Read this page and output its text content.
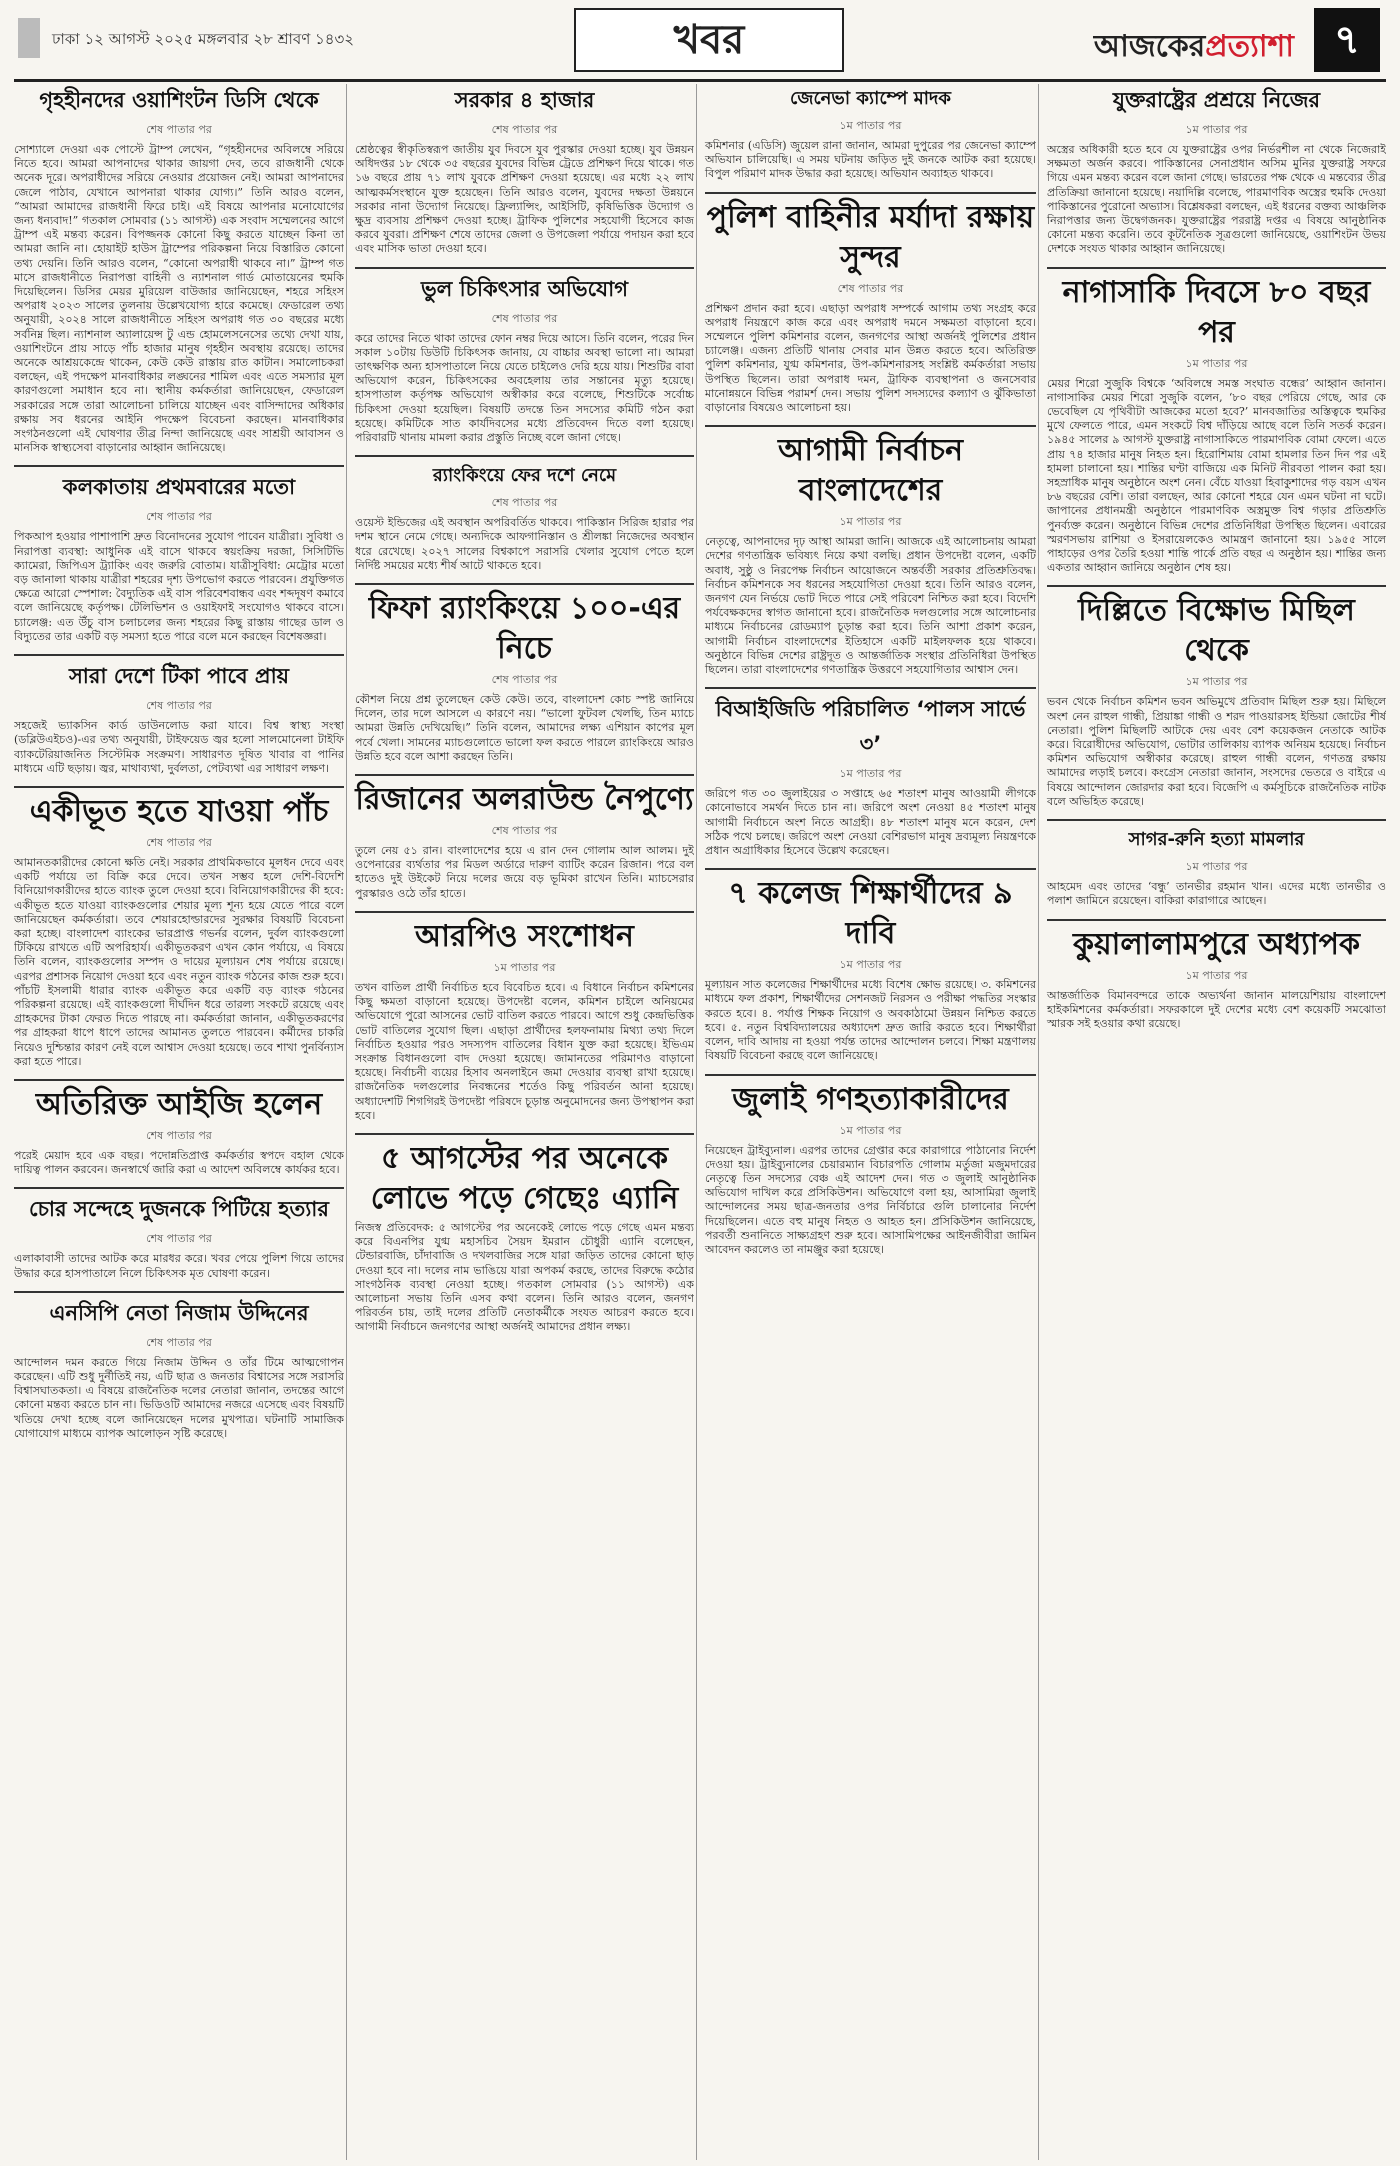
ঢাকা ১২ আগস্ট ২০২৫ মঙ্গলবার ২৮ শ্রাবণ ১৪৩২	খবর	আজকেরপ্রত্যাশা ৭
গৃহহীনদের ওয়াশিংটন ডিসি থেকে
শেষ পাতার পর

সোশ্যালে দেওয়া এক পোস্টে ট্রাম্প লেখেন, “গৃহহীনদের অবিলম্বে সরিয়ে নিতে হবে। আমরা আপনাদের থাকার জায়গা দেব, তবে রাজধানী থেকে অনেক দূরে। অপরাধীদের সরিয়ে নেওয়ার প্রয়োজন নেই। আমরা আপনাদের জেলে পাঠাব, যেখানে আপনারা থাকার যোগ্য।” তিনি আরও বলেন, “আমরা আমাদের রাজধানী ফিরে চাই। এই বিষয়ে আপনার মনোযোগের জন্য ধন্যবাদ!” গতকাল সোমবার (১১ আগস্ট) এক সংবাদ সম্মেলনের আগে ট্রাম্প এই মন্তব্য করেন। বিপজ্জনক কোনো কিছু করতে যাচ্ছেন কিনা তা আমরা জানি না। হোয়াইট হাউস ট্রাম্পের পরিকল্পনা নিয়ে বিস্তারিত কোনো তথ্য দেয়নি। তিনি আরও বলেন, “কোনো অপরাধী থাকবে না।” ট্রাম্প গত মাসে রাজধানীতে নিরাপত্তা বাহিনী ও ন্যাশনাল গার্ড মোতায়েনের হুমকি দিয়েছিলেন। ডিসির মেয়র মুরিয়েল বাউজার জানিয়েছেন, শহরে সহিংস অপরাধ ২০২৩ সালের তুলনায় উল্লেখযোগ্য হারে কমেছে। ফেডারেল তথ্য অনুযায়ী, ২০২৪ সালে রাজধানীতে সহিংস অপরাধ গত ৩০ বছরের মধ্যে সর্বনিম্ন ছিল। ন্যাশনাল অ্যালায়েন্স টু এন্ড হোমলেসনেসের তথ্যে দেখা যায়, ওয়াশিংটনে প্রায় সাড়ে পাঁচ হাজার মানুষ গৃহহীন অবস্থায় রয়েছে। তাদের অনেকে আশ্রয়কেন্দ্রে থাকেন, কেউ কেউ রাস্তায় রাত কাটান। সমালোচকরা বলছেন, এই পদক্ষেপ মানবাধিকার লঙ্ঘনের শামিল এবং এতে সমস্যার মূল কারণগুলো সমাধান হবে না। স্থানীয় কর্মকর্তারা জানিয়েছেন, ফেডারেল সরকারের সঙ্গে তারা আলোচনা চালিয়ে যাচ্ছেন এবং বাসিন্দাদের অধিকার রক্ষায় সব ধরনের আইনি পদক্ষেপ বিবেচনা করছেন। মানবাধিকার সংগঠনগুলো এই ঘোষণার তীব্র নিন্দা জানিয়েছে এবং সাশ্রয়ী আবাসন ও মানসিক স্বাস্থ্যসেবা বাড়ানোর আহ্বান জানিয়েছে।

কলকাতায় প্রথমবারের মতো
শেষ পাতার পর

পিকআপ হওয়ার পাশাপাশি দ্রুত বিনোদনের সুযোগ পাবেন যাত্রীরা। সুবিধা ও নিরাপত্তা ব্যবস্থা: আধুনিক এই বাসে থাকবে স্বয়ংক্রিয় দরজা, সিসিটিভি ক্যামেরা, জিপিএস ট্র্যাকিং এবং জরুরি বোতাম। যাত্রীসুবিধা: মেট্রোর মতো বড় জানালা থাকায় যাত্রীরা শহরের দৃশ্য উপভোগ করতে পারবেন। প্রযুক্তিগত ক্ষেত্রে আরো স্পেশাল: বৈদ্যুতিক এই বাস পরিবেশবান্ধব এবং শব্দদূষণ কমাবে বলে জানিয়েছে কর্তৃপক্ষ। টেলিভিশন ও ওয়াইফাই সংযোগও থাকবে বাসে। চ্যালেঞ্জ: এত উঁচু বাস চলাচলের জন্য শহরের কিছু রাস্তায় গাছের ডাল ও বিদ্যুতের তার একটি বড় সমস্যা হতে পারে বলে মনে করছেন বিশেষজ্ঞরা।

সারা দেশে টিকা পাবে প্রায়
শেষ পাতার পর

সহজেই ভ্যাকসিন কার্ড ডাউনলোড করা যাবে। বিশ্ব স্বাস্থ্য সংস্থা (ডব্লিউএইচও)-এর তথ্য অনুযায়ী, টাইফয়েড জ্বর হলো সালমোনেলা টাইফি ব্যাকটেরিয়াজনিত সিস্টেমিক সংক্রমণ। সাধারণত দূষিত খাবার বা পানির মাধ্যমে এটি ছড়ায়। জ্বর, মাথাব্যথা, দুর্বলতা, পেটব্যথা এর সাধারণ লক্ষণ।

একীভূত হতে যাওয়া পাঁচ
শেষ পাতার পর

আমানতকারীদের কোনো ক্ষতি নেই। সরকার প্রাথমিকভাবে মূলধন দেবে এবং একটি পর্যায়ে তা বিক্রি করে দেবে। তখন সম্ভব হলে দেশি-বিদেশি বিনিয়োগকারীদের হাতে ব্যাংক তুলে দেওয়া হবে। বিনিয়োগকারীদের কী হবে: একীভূত হতে যাওয়া ব্যাংকগুলোর শেয়ার মূল্য শূন্য হয়ে যেতে পারে বলে জানিয়েছেন কর্মকর্তারা। তবে শেয়ারহোল্ডারদের সুরক্ষার বিষয়টি বিবেচনা করা হচ্ছে। বাংলাদেশ ব্যাংকের ভারপ্রাপ্ত গভর্নর বলেন, দুর্বল ব্যাংকগুলো টিকিয়ে রাখতে এটি অপরিহার্য। একীভূতকরণ এখন কোন পর্যায়ে, এ বিষয়ে তিনি বলেন, ব্যাংকগুলোর সম্পদ ও দায়ের মূল্যায়ন শেষ পর্যায়ে রয়েছে। এরপর প্রশাসক নিয়োগ দেওয়া হবে এবং নতুন ব্যাংক গঠনের কাজ শুরু হবে। পাঁচটি ইসলামী ধারার ব্যাংক একীভূত করে একটি বড় ব্যাংক গঠনের পরিকল্পনা রয়েছে। এই ব্যাংকগুলো দীর্ঘদিন ধরে তারল্য সংকটে রয়েছে এবং গ্রাহকদের টাকা ফেরত দিতে পারছে না। কর্মকর্তারা জানান, একীভূতকরণের পর গ্রাহকরা ধাপে ধাপে তাদের আমানত তুলতে পারবেন। কর্মীদের চাকরি নিয়েও দুশ্চিন্তার কারণ নেই বলে আশ্বাস দেওয়া হয়েছে। তবে শাখা পুনর্বিন্যাস করা হতে পারে।

অতিরিক্ত আইজি হলেন
শেষ পাতার পর

পরেই মেয়াদ হবে এক বছর। পদোন্নতিপ্রাপ্ত কর্মকর্তার স্বপদে বহাল থেকে দায়িত্ব পালন করবেন। জনস্বার্থে জারি করা এ আদেশ অবিলম্বে কার্যকর হবে।

চোর সন্দেহে দুজনকে পিটিয়ে হত্যার
শেষ পাতার পর

এলাকাবাসী তাদের আটক করে মারধর করে। খবর পেয়ে পুলিশ গিয়ে তাদের উদ্ধার করে হাসপাতালে নিলে চিকিৎসক মৃত ঘোষণা করেন।

এনসিপি নেতা নিজাম উদ্দিনের
শেষ পাতার পর

আন্দোলন দমন করতে গিয়ে নিজাম উদ্দিন ও তাঁর টিমে আত্মগোপন করেছেন। এটি শুধু দুর্নীতিই নয়, এটি ছাত্র ও জনতার বিশ্বাসের সঙ্গে সরাসরি বিশ্বাসঘাতকতা। এ বিষয়ে রাজনৈতিক দলের নেতারা জানান, তদন্তের আগে কোনো মন্তব্য করতে চান না। ভিডিওটি আমাদের নজরে এসেছে এবং বিষয়টি খতিয়ে দেখা হচ্ছে বলে জানিয়েছেন দলের মুখপাত্র। ঘটনাটি সামাজিক যোগাযোগ মাধ্যমে ব্যাপক আলোড়ন সৃষ্টি করেছে।

সরকার ৪ হাজার
শেষ পাতার পর

শ্রেষ্ঠত্বের স্বীকৃতিস্বরূপ জাতীয় যুব দিবসে যুব পুরস্কার দেওয়া হচ্ছে। যুব উন্নয়ন অধিদপ্তর ১৮ থেকে ৩৫ বছরের যুবদের বিভিন্ন ট্রেডে প্রশিক্ষণ দিয়ে থাকে। গত ১৬ বছরে প্রায় ৭১ লাখ যুবকে প্রশিক্ষণ দেওয়া হয়েছে। এর মধ্যে ২২ লাখ আত্মকর্মসংস্থানে যুক্ত হয়েছেন। তিনি আরও বলেন, যুবদের দক্ষতা উন্নয়নে সরকার নানা উদ্যোগ নিয়েছে। ফ্রিল্যান্সিং, আইসিটি, কৃষিভিত্তিক উদ্যোগ ও ক্ষুদ্র ব্যবসায় প্রশিক্ষণ দেওয়া হচ্ছে। ট্রাফিক পুলিশের সহযোগী হিসেবে কাজ করবে যুবরা। প্রশিক্ষণ শেষে তাদের জেলা ও উপজেলা পর্যায়ে পদায়ন করা হবে এবং মাসিক ভাতা দেওয়া হবে।

ভুল চিকিৎসার অভিযোগ
শেষ পাতার পর

করে তাদের নিতে থাকা তাদের ফোন নম্বর দিয়ে আসে। তিনি বলেন, পরের দিন সকাল ১০টায় ডিউটি চিকিৎসক জানায়, যে বাচ্চার অবস্থা ভালো না। আমরা তাৎক্ষণিক অন্য হাসপাতালে নিয়ে যেতে চাইলেও দেরি হয়ে যায়। শিশুটির বাবা অভিযোগ করেন, চিকিৎসকের অবহেলায় তার সন্তানের মৃত্যু হয়েছে। হাসপাতাল কর্তৃপক্ষ অভিযোগ অস্বীকার করে বলেছে, শিশুটিকে সর্বোচ্চ চিকিৎসা দেওয়া হয়েছিল। বিষয়টি তদন্তে তিন সদস্যের কমিটি গঠন করা হয়েছে। কমিটিকে সাত কার্যদিবসের মধ্যে প্রতিবেদন দিতে বলা হয়েছে। পরিবারটি থানায় মামলা করার প্রস্তুতি নিচ্ছে বলে জানা গেছে।

র‍্যাংকিংয়ে ফের দশে নেমে
শেষ পাতার পর

ওয়েস্ট ইন্ডিজের এই অবস্থান অপরিবর্তিত থাকবে। পাকিস্তান সিরিজ হারার পর দশম স্থানে নেমে গেছে। অন্যদিকে আফগানিস্তান ও শ্রীলঙ্কা নিজেদের অবস্থান ধরে রেখেছে। ২০২৭ সালের বিশ্বকাপে সরাসরি খেলার সুযোগ পেতে হলে নির্দিষ্ট সময়ের মধ্যে শীর্ষ আটে থাকতে হবে।

ফিফা র‍্যাংকিংয়ে ১০০-এর নিচে
শেষ পাতার পর

কৌশল নিয়ে প্রশ্ন তুলেছেন কেউ কেউ। তবে, বাংলাদেশ কোচ স্পষ্ট জানিয়ে দিলেন, তার দলে আসলে এ কারণে নয়। “ভালো ফুটবল খেলছি, তিন ম্যাচে আমরা উন্নতি দেখিয়েছি।” তিনি বলেন, আমাদের লক্ষ্য এশিয়ান কাপের মূল পর্বে খেলা। সামনের ম্যাচগুলোতে ভালো ফল করতে পারলে র‍্যাংকিংয়ে আরও উন্নতি হবে বলে আশা করছেন তিনি।

রিজানের অলরাউন্ড নৈপুণ্যে
শেষ পাতার পর

তুলে নেয় ৫১ রান। বাংলাদেশের হয়ে এ রান দেন গোলাম আল আলম। দুই ওপেনারের ব্যর্থতার পর মিডল অর্ডারে দারুণ ব্যাটিং করেন রিজান। পরে বল হাতেও দুই উইকেট নিয়ে দলের জয়ে বড় ভূমিকা রাখেন তিনি। ম্যাচসেরার পুরস্কারও ওঠে তাঁর হাতে।

আরপিও সংশোধন
১ম পাতার পর

তখন বাতিল প্রার্থী নির্বাচিত হবে বিবেচিত হবে। এ বিধানে নির্বাচন কমিশনের কিছু ক্ষমতা বাড়ানো হয়েছে। উপদেষ্টা বলেন, কমিশন চাইলে অনিয়মের অভিযোগে পুরো আসনের ভোট বাতিল করতে পারবে। আগে শুধু কেন্দ্রভিত্তিক ভোট বাতিলের সুযোগ ছিল। এছাড়া প্রার্থীদের হলফনামায় মিথ্যা তথ্য দিলে নির্বাচিত হওয়ার পরও সদস্যপদ বাতিলের বিধান যুক্ত করা হয়েছে। ইভিএম সংক্রান্ত বিধানগুলো বাদ দেওয়া হয়েছে। জামানতের পরিমাণও বাড়ানো হয়েছে। নির্বাচনী ব্যয়ের হিসাব অনলাইনে জমা দেওয়ার ব্যবস্থা রাখা হয়েছে। রাজনৈতিক দলগুলোর নিবন্ধনের শর্তেও কিছু পরিবর্তন আনা হয়েছে। অধ্যাদেশটি শিগগিরই উপদেষ্টা পরিষদে চূড়ান্ত অনুমোদনের জন্য উপস্থাপন করা হবে।

৫ আগস্টের পর অনেকে লোভে পড়ে গেছেঃ এ্যানি

নিজস্ব প্রতিবেদক: ৫ আগস্টের পর অনেকেই লোভে পড়ে গেছে এমন মন্তব্য করে বিএনপির যুগ্ম মহাসচিব সৈয়দ ইমরান চৌধুরী এ্যানি বলেছেন, টেন্ডারবাজি, চাঁদাবাজি ও দখলবাজির সঙ্গে যারা জড়িত তাদের কোনো ছাড় দেওয়া হবে না। দলের নাম ভাঙিয়ে যারা অপকর্ম করছে, তাদের বিরুদ্ধে কঠোর সাংগঠনিক ব্যবস্থা নেওয়া হচ্ছে। গতকাল সোমবার (১১ আগস্ট) এক আলোচনা সভায় তিনি এসব কথা বলেন। তিনি আরও বলেন, জনগণ পরিবর্তন চায়, তাই দলের প্রতিটি নেতাকর্মীকে সংযত আচরণ করতে হবে। আগামী নির্বাচনে জনগণের আস্থা অর্জনই আমাদের প্রধান লক্ষ্য।

জেনেভা ক্যাম্পে মাদক
১ম পাতার পর

কমিশনার (এডিসি) জুয়েল রানা জানান, আমরা দুপুরের পর জেনেভা ক্যাম্পে অভিযান চালিয়েছি। এ সময় ঘটনায় জড়িত দুই জনকে আটক করা হয়েছে। বিপুল পরিমাণ মাদক উদ্ধার করা হয়েছে। অভিযান অব্যাহত থাকবে।

পুলিশ বাহিনীর মর্যাদা রক্ষায় সুন্দর
শেষ পাতার পর

প্রশিক্ষণ প্রদান করা হবে। এছাড়া অপরাধ সম্পর্কে আগাম তথ্য সংগ্রহ করে অপরাধ নিয়ন্ত্রণে কাজ করে এবং অপরাধ দমনে সক্ষমতা বাড়ানো হবে। সম্মেলনে পুলিশ কমিশনার বলেন, জনগণের আস্থা অর্জনই পুলিশের প্রধান চ্যালেঞ্জ। এজন্য প্রতিটি থানায় সেবার মান উন্নত করতে হবে। অতিরিক্ত পুলিশ কমিশনার, যুগ্ম কমিশনার, উপ-কমিশনারসহ সংশ্লিষ্ট কর্মকর্তারা সভায় উপস্থিত ছিলেন। তারা অপরাধ দমন, ট্রাফিক ব্যবস্থাপনা ও জনসেবার মানোন্নয়নে বিভিন্ন পরামর্শ দেন। সভায় পুলিশ সদস্যদের কল্যাণ ও ঝুঁকিভাতা বাড়ানোর বিষয়েও আলোচনা হয়।

আগামী নির্বাচন বাংলাদেশের
১ম পাতার পর

নেতৃত্বে, আপনাদের দৃঢ় আস্থা আমরা জানি। আজকে এই আলোচনায় আমরা দেশের গণতান্ত্রিক ভবিষ্যৎ নিয়ে কথা বলছি। প্রধান উপদেষ্টা বলেন, একটি অবাধ, সুষ্ঠু ও নিরপেক্ষ নির্বাচন আয়োজনে অন্তর্বর্তী সরকার প্রতিশ্রুতিবদ্ধ। নির্বাচন কমিশনকে সব ধরনের সহযোগিতা দেওয়া হবে। তিনি আরও বলেন, জনগণ যেন নির্ভয়ে ভোট দিতে পারে সেই পরিবেশ নিশ্চিত করা হবে। বিদেশি পর্যবেক্ষকদের স্বাগত জানানো হবে। রাজনৈতিক দলগুলোর সঙ্গে আলোচনার মাধ্যমে নির্বাচনের রোডম্যাপ চূড়ান্ত করা হবে। তিনি আশা প্রকাশ করেন, আগামী নির্বাচন বাংলাদেশের ইতিহাসে একটি মাইলফলক হয়ে থাকবে। অনুষ্ঠানে বিভিন্ন দেশের রাষ্ট্রদূত ও আন্তর্জাতিক সংস্থার প্রতিনিধিরা উপস্থিত ছিলেন। তারা বাংলাদেশের গণতান্ত্রিক উত্তরণে সহযোগিতার আশ্বাস দেন।

বিআইজিডি পরিচালিত ‘পালস সার্ভে ৩’
১ম পাতার পর

জরিপে গত ৩০ জুলাইয়ের ৩ সপ্তাহে ৬৫ শতাংশ মানুষ আওয়ামী লীগকে কোনোভাবে সমর্থন দিতে চান না। জরিপে অংশ নেওয়া ৪৫ শতাংশ মানুষ আগামী নির্বাচনে অংশ নিতে আগ্রহী। ৪৮ শতাংশ মানুষ মনে করেন, দেশ সঠিক পথে চলছে। জরিপে অংশ নেওয়া বেশিরভাগ মানুষ দ্রব্যমূল্য নিয়ন্ত্রণকে প্রধান অগ্রাধিকার হিসেবে উল্লেখ করেছেন।

৭ কলেজ শিক্ষার্থীদের ৯ দাবি
১ম পাতার পর

মূল্যায়ন সাত কলেজের শিক্ষার্থীদের মধ্যে বিশেষ ক্ষোভ রয়েছে। ৩. কমিশনের মাধ্যমে ফল প্রকাশ, শিক্ষার্থীদের সেশনজট নিরসন ও পরীক্ষা পদ্ধতির সংস্কার করতে হবে। ৪. পর্যাপ্ত শিক্ষক নিয়োগ ও অবকাঠামো উন্নয়ন নিশ্চিত করতে হবে। ৫. নতুন বিশ্ববিদ্যালয়ের অধ্যাদেশ দ্রুত জারি করতে হবে। শিক্ষার্থীরা বলেন, দাবি আদায় না হওয়া পর্যন্ত তাদের আন্দোলন চলবে। শিক্ষা মন্ত্রণালয় বিষয়টি বিবেচনা করছে বলে জানিয়েছে।

জুলাই গণহত্যাকারীদের
১ম পাতার পর

নিয়েছেন ট্রাইব্যুনাল। এরপর তাদের গ্রেপ্তার করে কারাগারে পাঠানোর নির্দেশ দেওয়া হয়। ট্রাইব্যুনালের চেয়ারম্যান বিচারপতি গোলাম মর্তুজা মজুমদারের নেতৃত্বে তিন সদস্যের বেঞ্চ এই আদেশ দেন। গত ৩ জুলাই আনুষ্ঠানিক অভিযোগ দাখিল করে প্রসিকিউশন। অভিযোগে বলা হয়, আসামিরা জুলাই আন্দোলনের সময় ছাত্র-জনতার ওপর নির্বিচারে গুলি চালানোর নির্দেশ দিয়েছিলেন। এতে বহু মানুষ নিহত ও আহত হন। প্রসিকিউশন জানিয়েছে, পরবর্তী শুনানিতে সাক্ষ্যগ্রহণ শুরু হবে। আসামিপক্ষের আইনজীবীরা জামিন আবেদন করলেও তা নামঞ্জুর করা হয়েছে।

যুক্তরাষ্ট্রের প্রশ্রয়ে নিজের
১ম পাতার পর

অস্ত্রের অধিকারী হতে হবে যে যুক্তরাষ্ট্রের ওপর নির্ভরশীল না থেকে নিজেরাই সক্ষমতা অর্জন করবে। পাকিস্তানের সেনাপ্রধান অসিম মুনির যুক্তরাষ্ট্র সফরে গিয়ে এমন মন্তব্য করেন বলে জানা গেছে। ভারতের পক্ষ থেকে এ মন্তব্যের তীব্র প্রতিক্রিয়া জানানো হয়েছে। নয়াদিল্লি বলেছে, পারমাণবিক অস্ত্রের হুমকি দেওয়া পাকিস্তানের পুরোনো অভ্যাস। বিশ্লেষকরা বলছেন, এই ধরনের বক্তব্য আঞ্চলিক নিরাপত্তার জন্য উদ্বেগজনক। যুক্তরাষ্ট্রের পররাষ্ট্র দপ্তর এ বিষয়ে আনুষ্ঠানিক কোনো মন্তব্য করেনি। তবে কূটনৈতিক সূত্রগুলো জানিয়েছে, ওয়াশিংটন উভয় দেশকে সংযত থাকার আহ্বান জানিয়েছে।

নাগাসাকি দিবসে ৮০ বছর পর
১ম পাতার পর

মেয়র শিরো সুজুকি বিশ্বকে ‘অবিলম্বে সমস্ত সংঘাত বন্ধের’ আহ্বান জানান। নাগাসাকির মেয়র শিরো সুজুকি বলেন, ‘৮০ বছর পেরিয়ে গেছে, আর কে ভেবেছিল যে পৃথিবীটা আজকের মতো হবে?’ মানবজাতির অস্তিত্বকে হুমকির মুখে ফেলতে পারে, এমন সংকটে বিশ্ব দাঁড়িয়ে আছে বলে তিনি সতর্ক করেন। ১৯৪৫ সালের ৯ আগস্ট যুক্তরাষ্ট্র নাগাসাকিতে পারমাণবিক বোমা ফেলে। এতে প্রায় ৭৪ হাজার মানুষ নিহত হন। হিরোশিমায় বোমা হামলার তিন দিন পর এই হামলা চালানো হয়। শান্তির ঘণ্টা বাজিয়ে এক মিনিট নীরবতা পালন করা হয়। সহস্রাধিক মানুষ অনুষ্ঠানে অংশ নেন। বেঁচে যাওয়া হিবাকুশাদের গড় বয়স এখন ৮৬ বছরের বেশি। তারা বলছেন, আর কোনো শহরে যেন এমন ঘটনা না ঘটে। জাপানের প্রধানমন্ত্রী অনুষ্ঠানে পারমাণবিক অস্ত্রমুক্ত বিশ্ব গড়ার প্রতিশ্রুতি পুনর্ব্যক্ত করেন। অনুষ্ঠানে বিভিন্ন দেশের প্রতিনিধিরা উপস্থিত ছিলেন। এবারের স্মরণসভায় রাশিয়া ও ইসরায়েলকেও আমন্ত্রণ জানানো হয়। ১৯৫৫ সালে পাহাড়ের ওপর তৈরি হওয়া শান্তি পার্কে প্রতি বছর এ অনুষ্ঠান হয়। শান্তির জন্য একতার আহ্বান জানিয়ে অনুষ্ঠান শেষ হয়।

দিল্লিতে বিক্ষোভ মিছিল থেকে
১ম পাতার পর

ভবন থেকে নির্বাচন কমিশন ভবন অভিমুখে প্রতিবাদ মিছিল শুরু হয়। মিছিলে অংশ নেন রাহুল গান্ধী, প্রিয়াঙ্কা গান্ধী ও শরদ পাওয়ারসহ ইন্ডিয়া জোটের শীর্ষ নেতারা। পুলিশ মিছিলটি আটকে দেয় এবং বেশ কয়েকজন নেতাকে আটক করে। বিরোধীদের অভিযোগ, ভোটার তালিকায় ব্যাপক অনিয়ম হয়েছে। নির্বাচন কমিশন অভিযোগ অস্বীকার করেছে। রাহুল গান্ধী বলেন, গণতন্ত্র রক্ষায় আমাদের লড়াই চলবে। কংগ্রেস নেতারা জানান, সংসদের ভেতরে ও বাইরে এ বিষয়ে আন্দোলন জোরদার করা হবে। বিজেপি এ কর্মসূচিকে রাজনৈতিক নাটক বলে অভিহিত করেছে।

সাগর-রুনি হত্যা মামলার
১ম পাতার পর

আহমেদ এবং তাদের ‘বন্ধু’ তানভীর রহমান খান। এদের মধ্যে তানভীর ও পলাশ জামিনে রয়েছেন। বাকিরা কারাগারে আছেন।

কুয়ালালামপুরে অধ্যাপক
১ম পাতার পর

আন্তর্জাতিক বিমানবন্দরে তাকে অভ্যর্থনা জানান মালয়েশিয়ায় বাংলাদেশ হাইকমিশনের কর্মকর্তারা। সফরকালে দুই দেশের মধ্যে বেশ কয়েকটি সমঝোতা স্মারক সই হওয়ার কথা রয়েছে।
